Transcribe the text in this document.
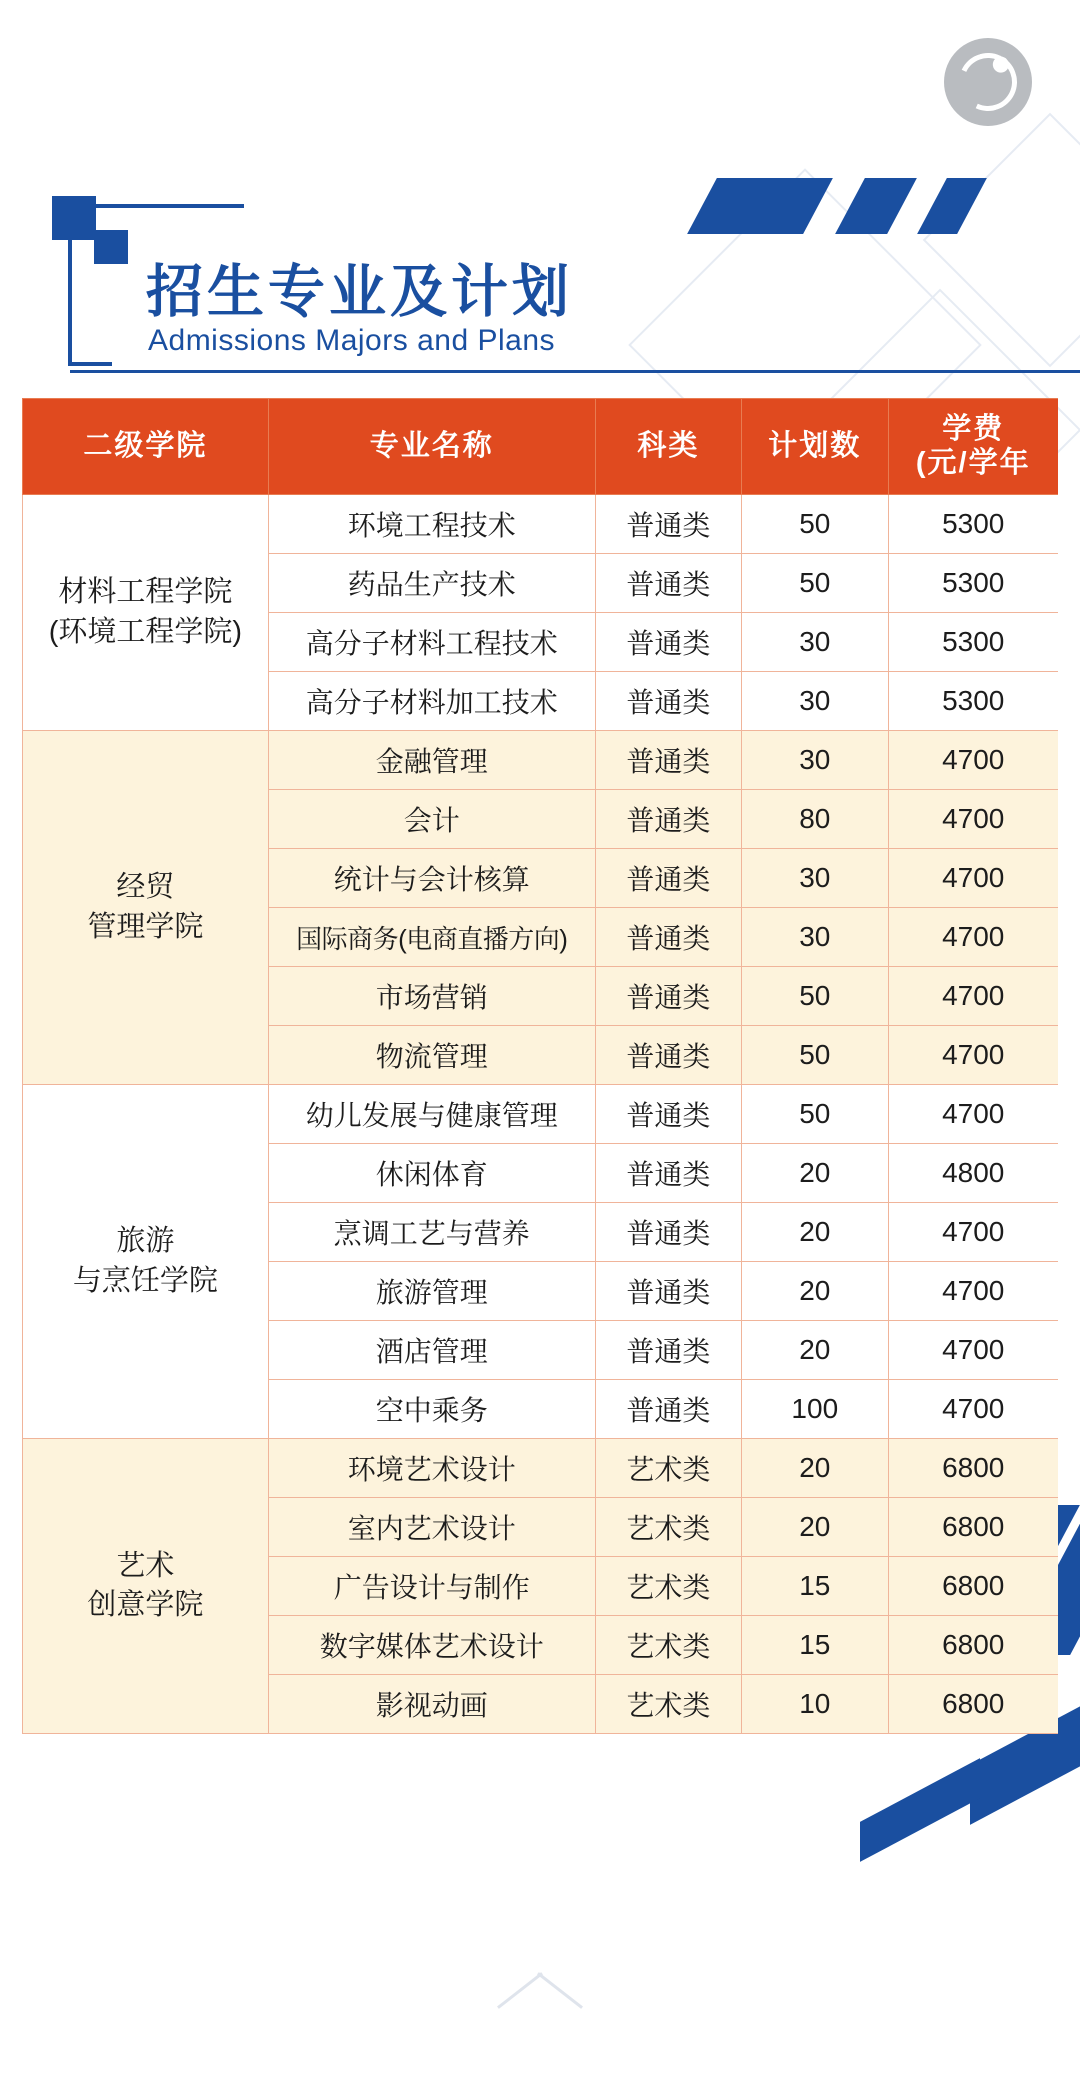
招生专业及计划
Admissions Majors and Plans
二级学院	专业名称	科类	计划数	学费
(元/学年

材料工程学院
(环境工程学院)	环境工程技术	普通类	50	5300
	药品生产技术	普通类	50	5300
	高分子材料工程技术	普通类	30	5300
	高分子材料加工技术	普通类	30	5300

经贸
管理学院	金融管理	普通类	30	4700
	会计	普通类	80	4700
	统计与会计核算	普通类	30	4700
	国际商务(电商直播方向)	普通类	30	4700
	市场营销	普通类	50	4700
	物流管理	普通类	50	4700

旅游
与烹饪学院	幼儿发展与健康管理	普通类	50	4700
	休闲体育	普通类	20	4800
	烹调工艺与营养	普通类	20	4700
	旅游管理	普通类	20	4700
	酒店管理	普通类	20	4700
	空中乘务	普通类	100	4700

艺术
创意学院	环境艺术设计	艺术类	20	6800
	室内艺术设计	艺术类	20	6800
	广告设计与制作	艺术类	15	6800
	数字媒体艺术设计	艺术类	15	6800
	影视动画	艺术类	10	6800
